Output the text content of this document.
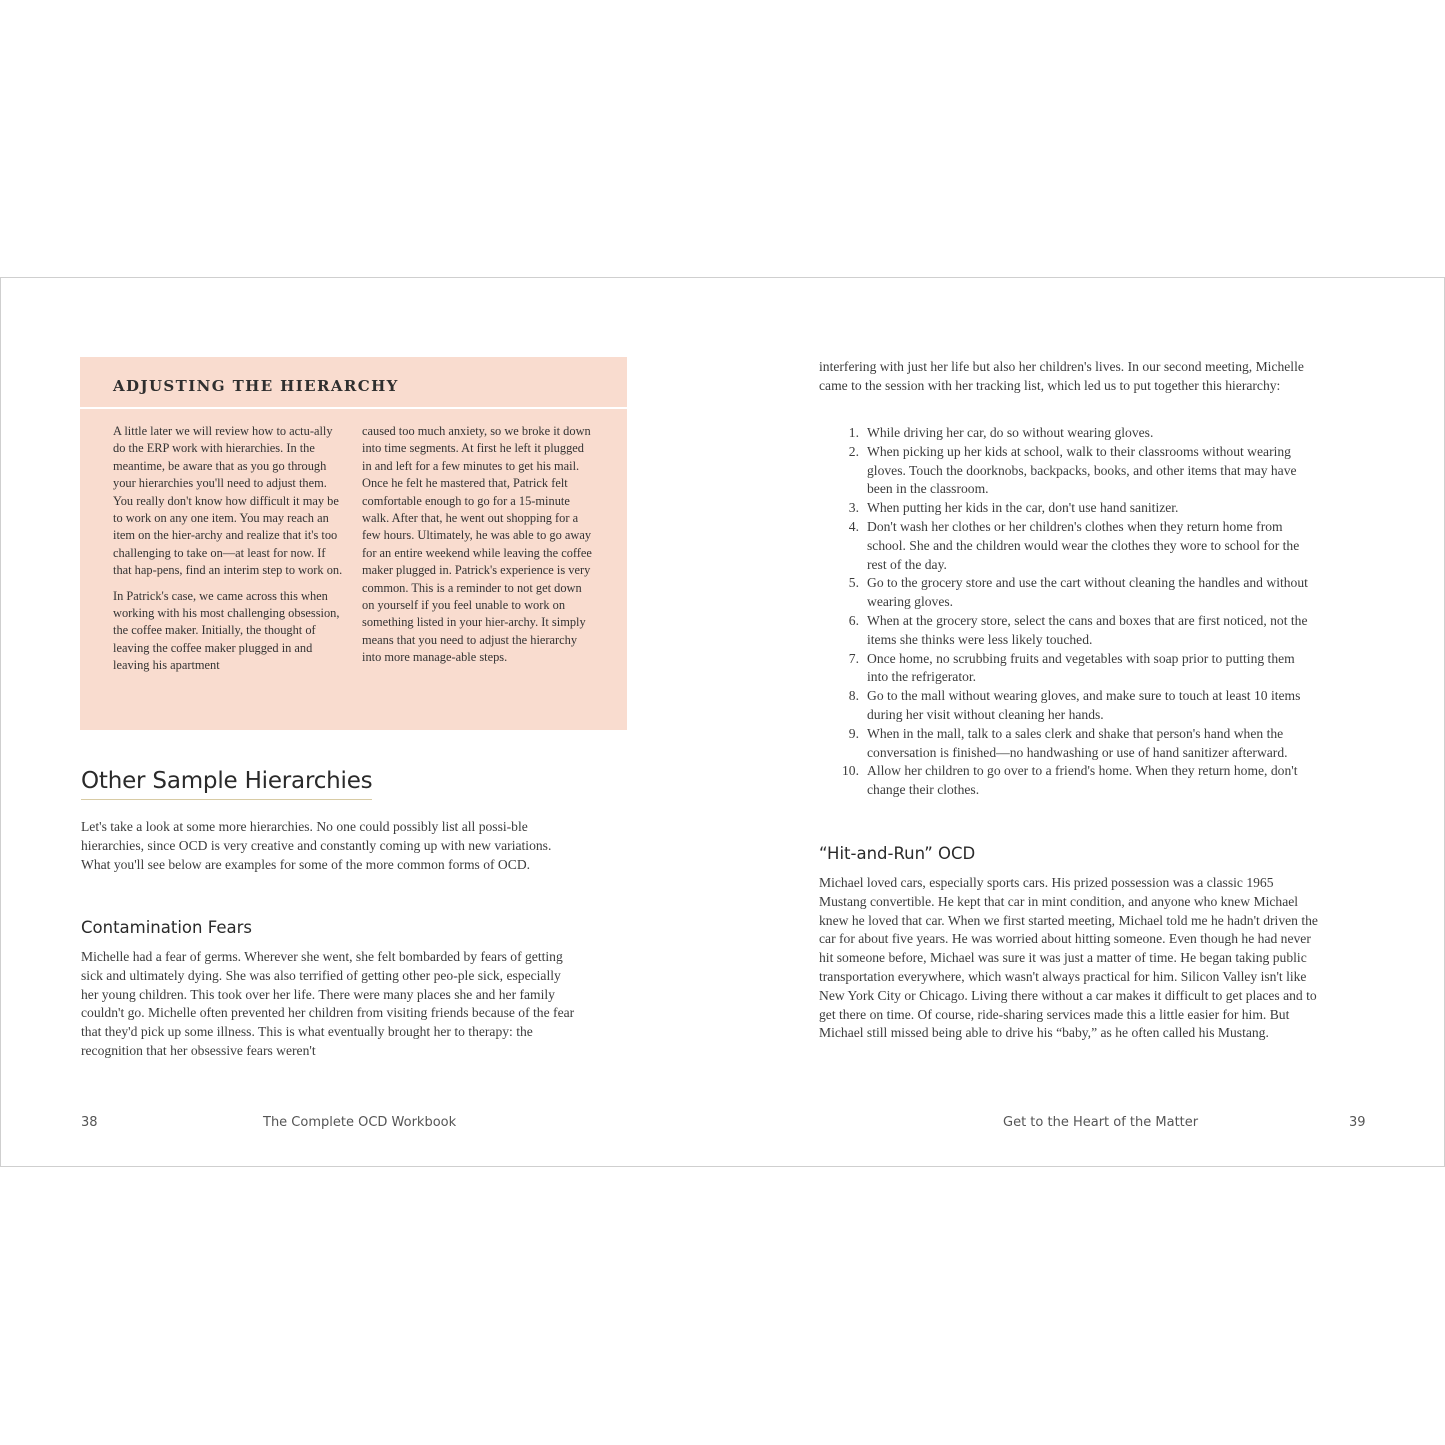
ADJUSTING THE HIERARCHY

A little later we will review how to actu-ally do the ERP work with hierarchies. In the meantime, be aware that as you go through your hierarchies you'll need to adjust them. You really don't know how difficult it may be to work on any one item. You may reach an item on the hier-archy and realize that it's too challenging to take on—at least for now. If that hap-pens, find an interim step to work on.

In Patrick's case, we came across this when working with his most challenging obsession, the coffee maker. Initially, the thought of leaving the coffee maker plugged in and leaving his apartment

caused too much anxiety, so we broke it down into time segments. At first he left it plugged in and left for a few minutes to get his mail. Once he felt he mastered that, Patrick felt comfortable enough to go for a 15-minute walk. After that, he went out shopping for a few hours. Ultimately, he was able to go away for an entire weekend while leaving the coffee maker plugged in. Patrick's experience is very common. This is a reminder to not get down on yourself if you feel unable to work on something listed in your hier-archy. It simply means that you need to adjust the hierarchy into more manage-able steps.

Other Sample Hierarchies

Let's take a look at some more hierarchies. No one could possibly list all possi-ble hierarchies, since OCD is very creative and constantly coming up with new variations. What you'll see below are examples for some of the more common forms of OCD.

Contamination Fears

Michelle had a fear of germs. Wherever she went, she felt bombarded by fears of getting sick and ultimately dying. She was also terrified of getting other peo-ple sick, especially her young children. This took over her life. There were many places she and her family couldn't go. Michelle often prevented her children from visiting friends because of the fear that they'd pick up some illness. This is what eventually brought her to therapy: the recognition that her obsessive fears weren't

38	The Complete OCD Workbook

interfering with just her life but also her children's lives. In our second meeting, Michelle came to the session with her tracking list, which led us to put together this hierarchy:

1. While driving her car, do so without wearing gloves.
2. When picking up her kids at school, walk to their classrooms without wearing gloves. Touch the doorknobs, backpacks, books, and other items that may have been in the classroom.
3. When putting her kids in the car, don't use hand sanitizer.
4. Don't wash her clothes or her children's clothes when they return home from school. She and the children would wear the clothes they wore to school for the rest of the day.
5. Go to the grocery store and use the cart without cleaning the handles and without wearing gloves.
6. When at the grocery store, select the cans and boxes that are first noticed, not the items she thinks were less likely touched.
7. Once home, no scrubbing fruits and vegetables with soap prior to putting them into the refrigerator.
8. Go to the mall without wearing gloves, and make sure to touch at least 10 items during her visit without cleaning her hands.
9. When in the mall, talk to a sales clerk and shake that person's hand when the conversation is finished—no handwashing or use of hand sanitizer afterward.
10. Allow her children to go over to a friend's home. When they return home, don't change their clothes.
“Hit-and-Run” OCD

Michael loved cars, especially sports cars. His prized possession was a classic 1965 Mustang convertible. He kept that car in mint condition, and anyone who knew Michael knew he loved that car. When we first started meeting, Michael told me he hadn't driven the car for about five years. He was worried about hitting someone. Even though he had never hit someone before, Michael was sure it was just a matter of time. He began taking public transportation everywhere, which wasn't always practical for him. Silicon Valley isn't like New York City or Chicago. Living there without a car makes it difficult to get places and to get there on time. Of course, ride-sharing services made this a little easier for him. But Michael still missed being able to drive his “baby,” as he often called his Mustang.

Get to the Heart of the Matter	39
